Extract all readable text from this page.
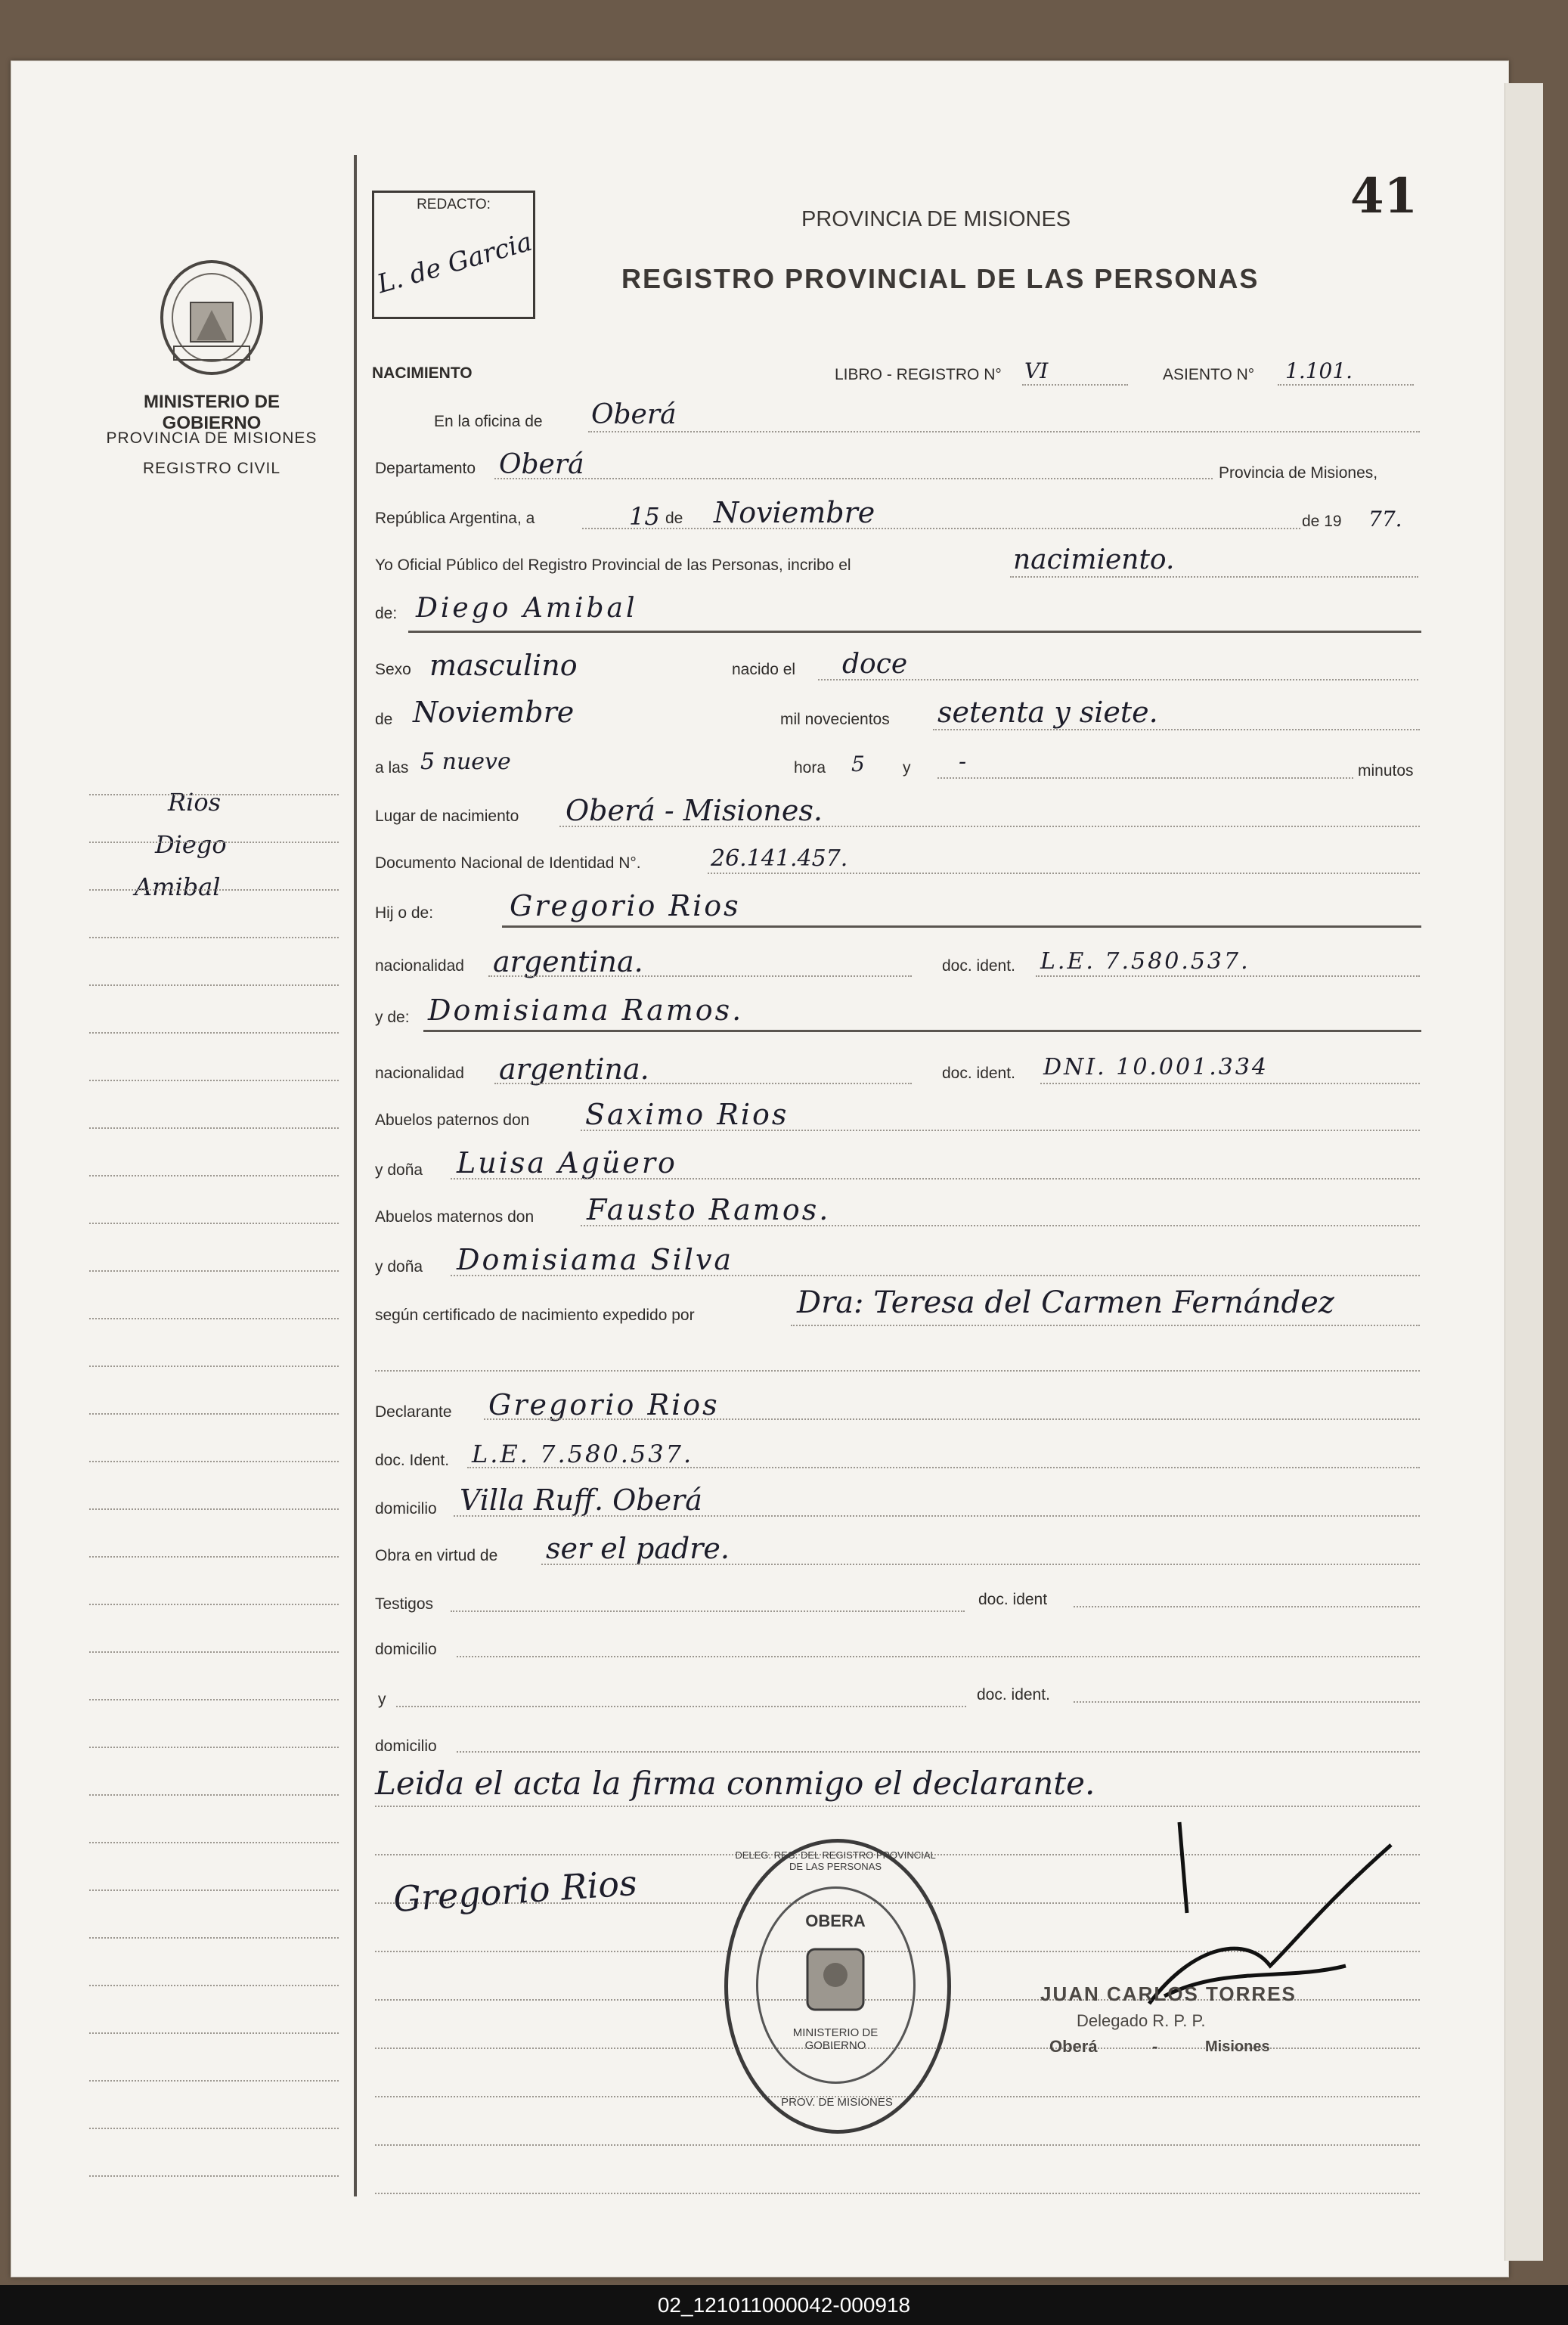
MINISTERIO DE GOBIERNO
PROVINCIA DE MISIONES
REGISTRO CIVIL
Rios
Diego
Amibal
REDACTO:
L. de Garcia
PROVINCIA DE MISIONES
REGISTRO PROVINCIAL DE LAS PERSONAS
41
NACIMIENTO	LIBRO - REGISTRO N° VI	ASIENTO N° 1.101.
En la oficina de Oberá
Departamento Oberá	Provincia de Misiones,
República Argentina, a	15 de Noviembre	de 19 77.
Yo Oficial Público del Registro Provincial de las Personas, incribo el	nacimiento.
de: Diego Amibal
Sexo masculino	nacido el doce
de Noviembre	mil novecientos setenta y siete.
a las 5 nueve	hora 5 y -	minutos
Lugar de nacimiento Oberá - Misiones.
Documento Nacional de Identidad N°.	26.141.457.
Hij o de:	Gregorio Rios
nacionalidad argentina.	doc. ident. L.E. 7.580.537.
y de: Domisiama Ramos.
nacionalidad argentina.	doc. ident. DNI. 10.001.334
Abuelos paternos don Saximo Rios
y doña Luisa Agüero
Abuelos maternos don Fausto Ramos.
y doña Domisiama Silva
según certificado de nacimiento expedido por	Dra: Teresa del Carmen Fernández
Declarante Gregorio Rios
doc. Ident. L.E. 7.580.537.
domicilio Villa Ruff. Oberá
Obra en virtud de ser el padre.
Testigos	doc. ident
domicilio
y	doc. ident.
domicilio
Leida el acta la firma conmigo el declarante.
Gregorio Rios
JUAN CARLOS TORRES
Delegado R. P. P.
Oberá	-	Misiones
OBERA
MINISTERIO DE GOBIERNO
PROV. DE MISIONES
DELEG. REG. DEL REGISTRO PROVINCIAL DE LAS PERSONAS
02_121011000042-000918
